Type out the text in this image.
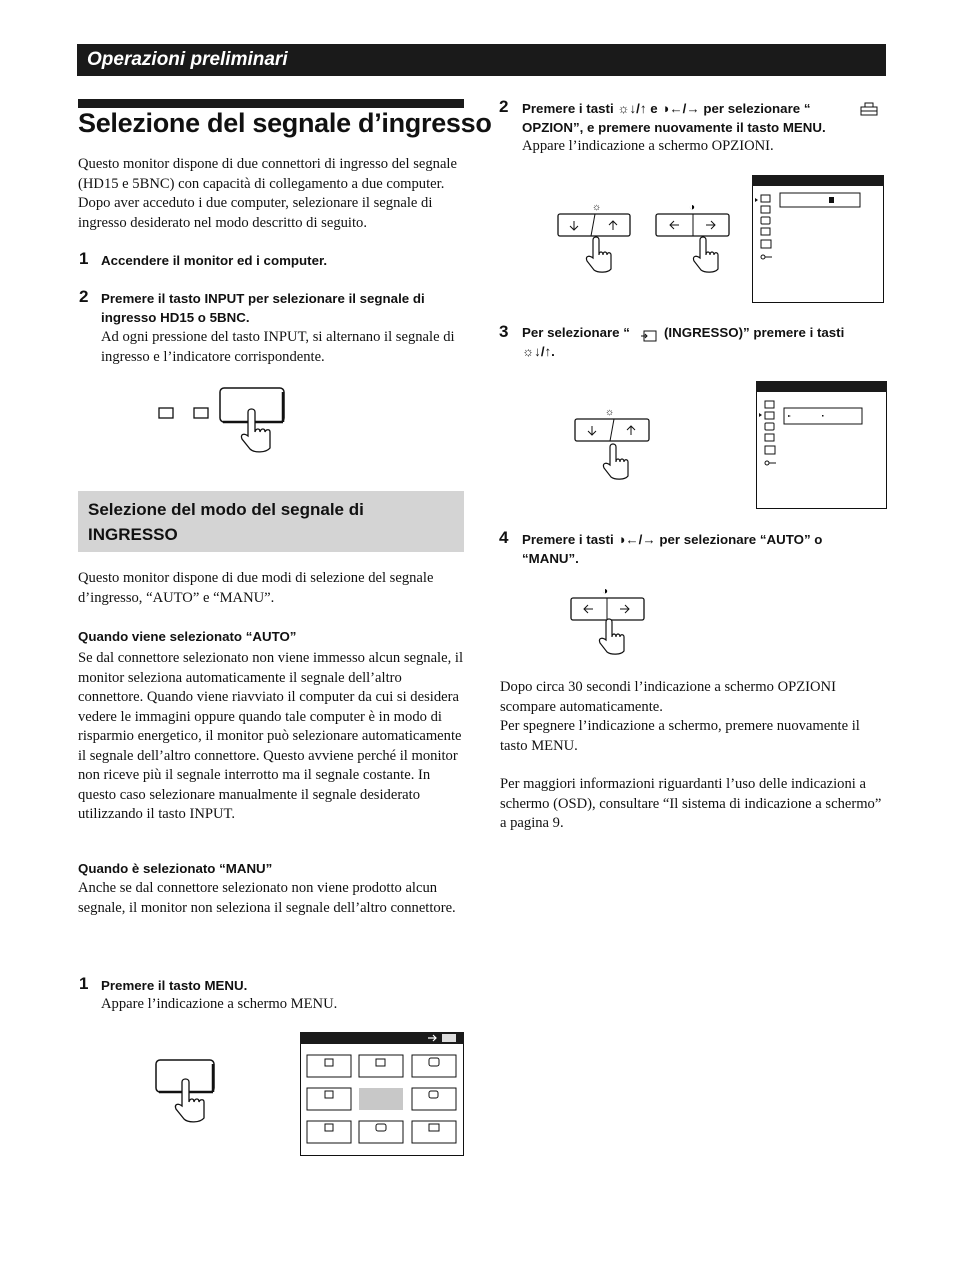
Operazioni preliminari
Selezione del segnale d’ingresso
Questo monitor dispone di due connettori di ingresso del segnale (HD15 e 5BNC) con capacità di collegamento a due computer. Dopo aver acceduto i due computer, selezionare il segnale di ingresso desiderato nel modo descritto di seguito.
1 Accendere il monitor ed i computer.
2 Premere il tasto INPUT per selezionare il segnale di ingresso HD15 o 5BNC.
Ad ogni pressione del tasto INPUT, si alternano il segnale di ingresso e l’indicatore corrispondente.
Selezione del modo del segnale di INGRESSO
Questo monitor dispone di due modi di selezione del segnale d’ingresso, “AUTO” e “MANU”.
Quando viene selezionato “AUTO”
Se dal connettore selezionato non viene immesso alcun segnale, il monitor seleziona automaticamente il segnale dell’altro connettore. Quando viene riavviato il computer da cui si desidera vedere le immagini oppure quando tale computer è in modo di risparmio energetico, il monitor può selezionare automaticamente il segnale dell’altro connettore. Questo avviene perché il monitor non riceve più il segnale interrotto ma il segnale costante. In questo caso selezionare manualmente il segnale desiderato utilizzando il tasto INPUT.
Quando è selezionato “MANU”
Anche se dal connettore selezionato non viene prodotto alcun segnale, il monitor non seleziona il segnale dell’altro connettore.
1 Premere il tasto MENU.
Appare l’indicazione a schermo MENU.
2 Premere i tasti ☼↓/↑ e ◑←/→ per selezionare “
OPZION”, e premere nuovamente il tasto MENU.
Appare l’indicazione a schermo OPZIONI.
☼	◑
3 Per selezionare “	(INGRESSO)” premere i tasti
☼↓/↑.
☼
4 Premere i tasti ◑←/→ per selezionare “AUTO” o “MANU”.
◑
Dopo circa 30 secondi l’indicazione a schermo OPZIONI scompare automaticamente.
Per spegnere l’indicazione a schermo, premere nuovamente il tasto MENU.
Per maggiori informazioni riguardanti l’uso delle indicazioni a schermo (OSD), consultare “Il sistema di indicazione a schermo” a pagina 9.
